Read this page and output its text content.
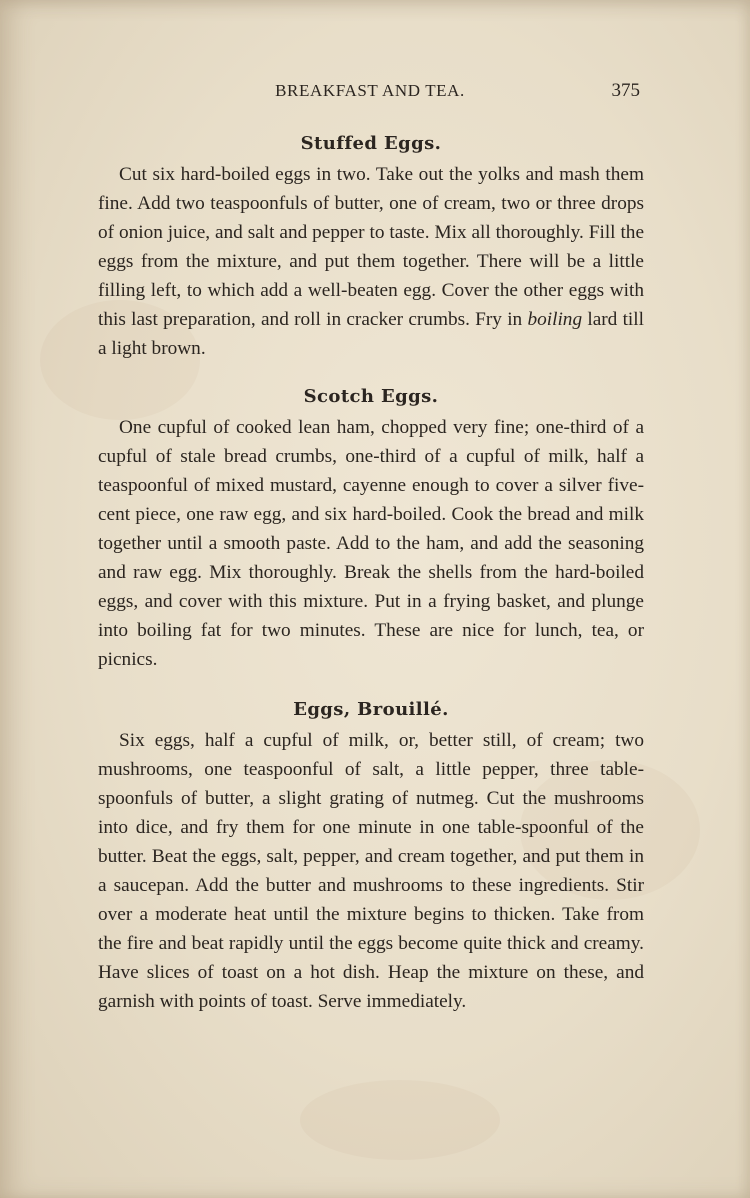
BREAKFAST AND TEA.	375
Stuffed Eggs.

Cut six hard-boiled eggs in two. Take out the yolks and mash them fine. Add two teaspoonfuls of butter, one of cream, two or three drops of onion juice, and salt and pepper to taste. Mix all thoroughly. Fill the eggs from the mixture, and put them together. There will be a little filling left, to which add a well-beaten egg. Cover the other eggs with this last preparation, and roll in cracker crumbs. Fry in boiling lard till a light brown.

Scotch Eggs.

One cupful of cooked lean ham, chopped very fine; one-third of a cupful of stale bread crumbs, one-third of a cupful of milk, half a teaspoonful of mixed mustard, cayenne enough to cover a silver five-cent piece, one raw egg, and six hard-boiled. Cook the bread and milk together until a smooth paste. Add to the ham, and add the seasoning and raw egg. Mix thoroughly. Break the shells from the hard-boiled eggs, and cover with this mixture. Put in a frying basket, and plunge into boiling fat for two minutes. These are nice for lunch, tea, or picnics.

Eggs, Brouillé.

Six eggs, half a cupful of milk, or, better still, of cream; two mushrooms, one teaspoonful of salt, a little pepper, three table-spoonfuls of butter, a slight grating of nutmeg. Cut the mushrooms into dice, and fry them for one minute in one table-spoonful of the butter. Beat the eggs, salt, pepper, and cream together, and put them in a saucepan. Add the butter and mushrooms to these ingredients. Stir over a moderate heat until the mixture begins to thicken. Take from the fire and beat rapidly until the eggs become quite thick and creamy. Have slices of toast on a hot dish. Heap the mixture on these, and garnish with points of toast. Serve immediately.
